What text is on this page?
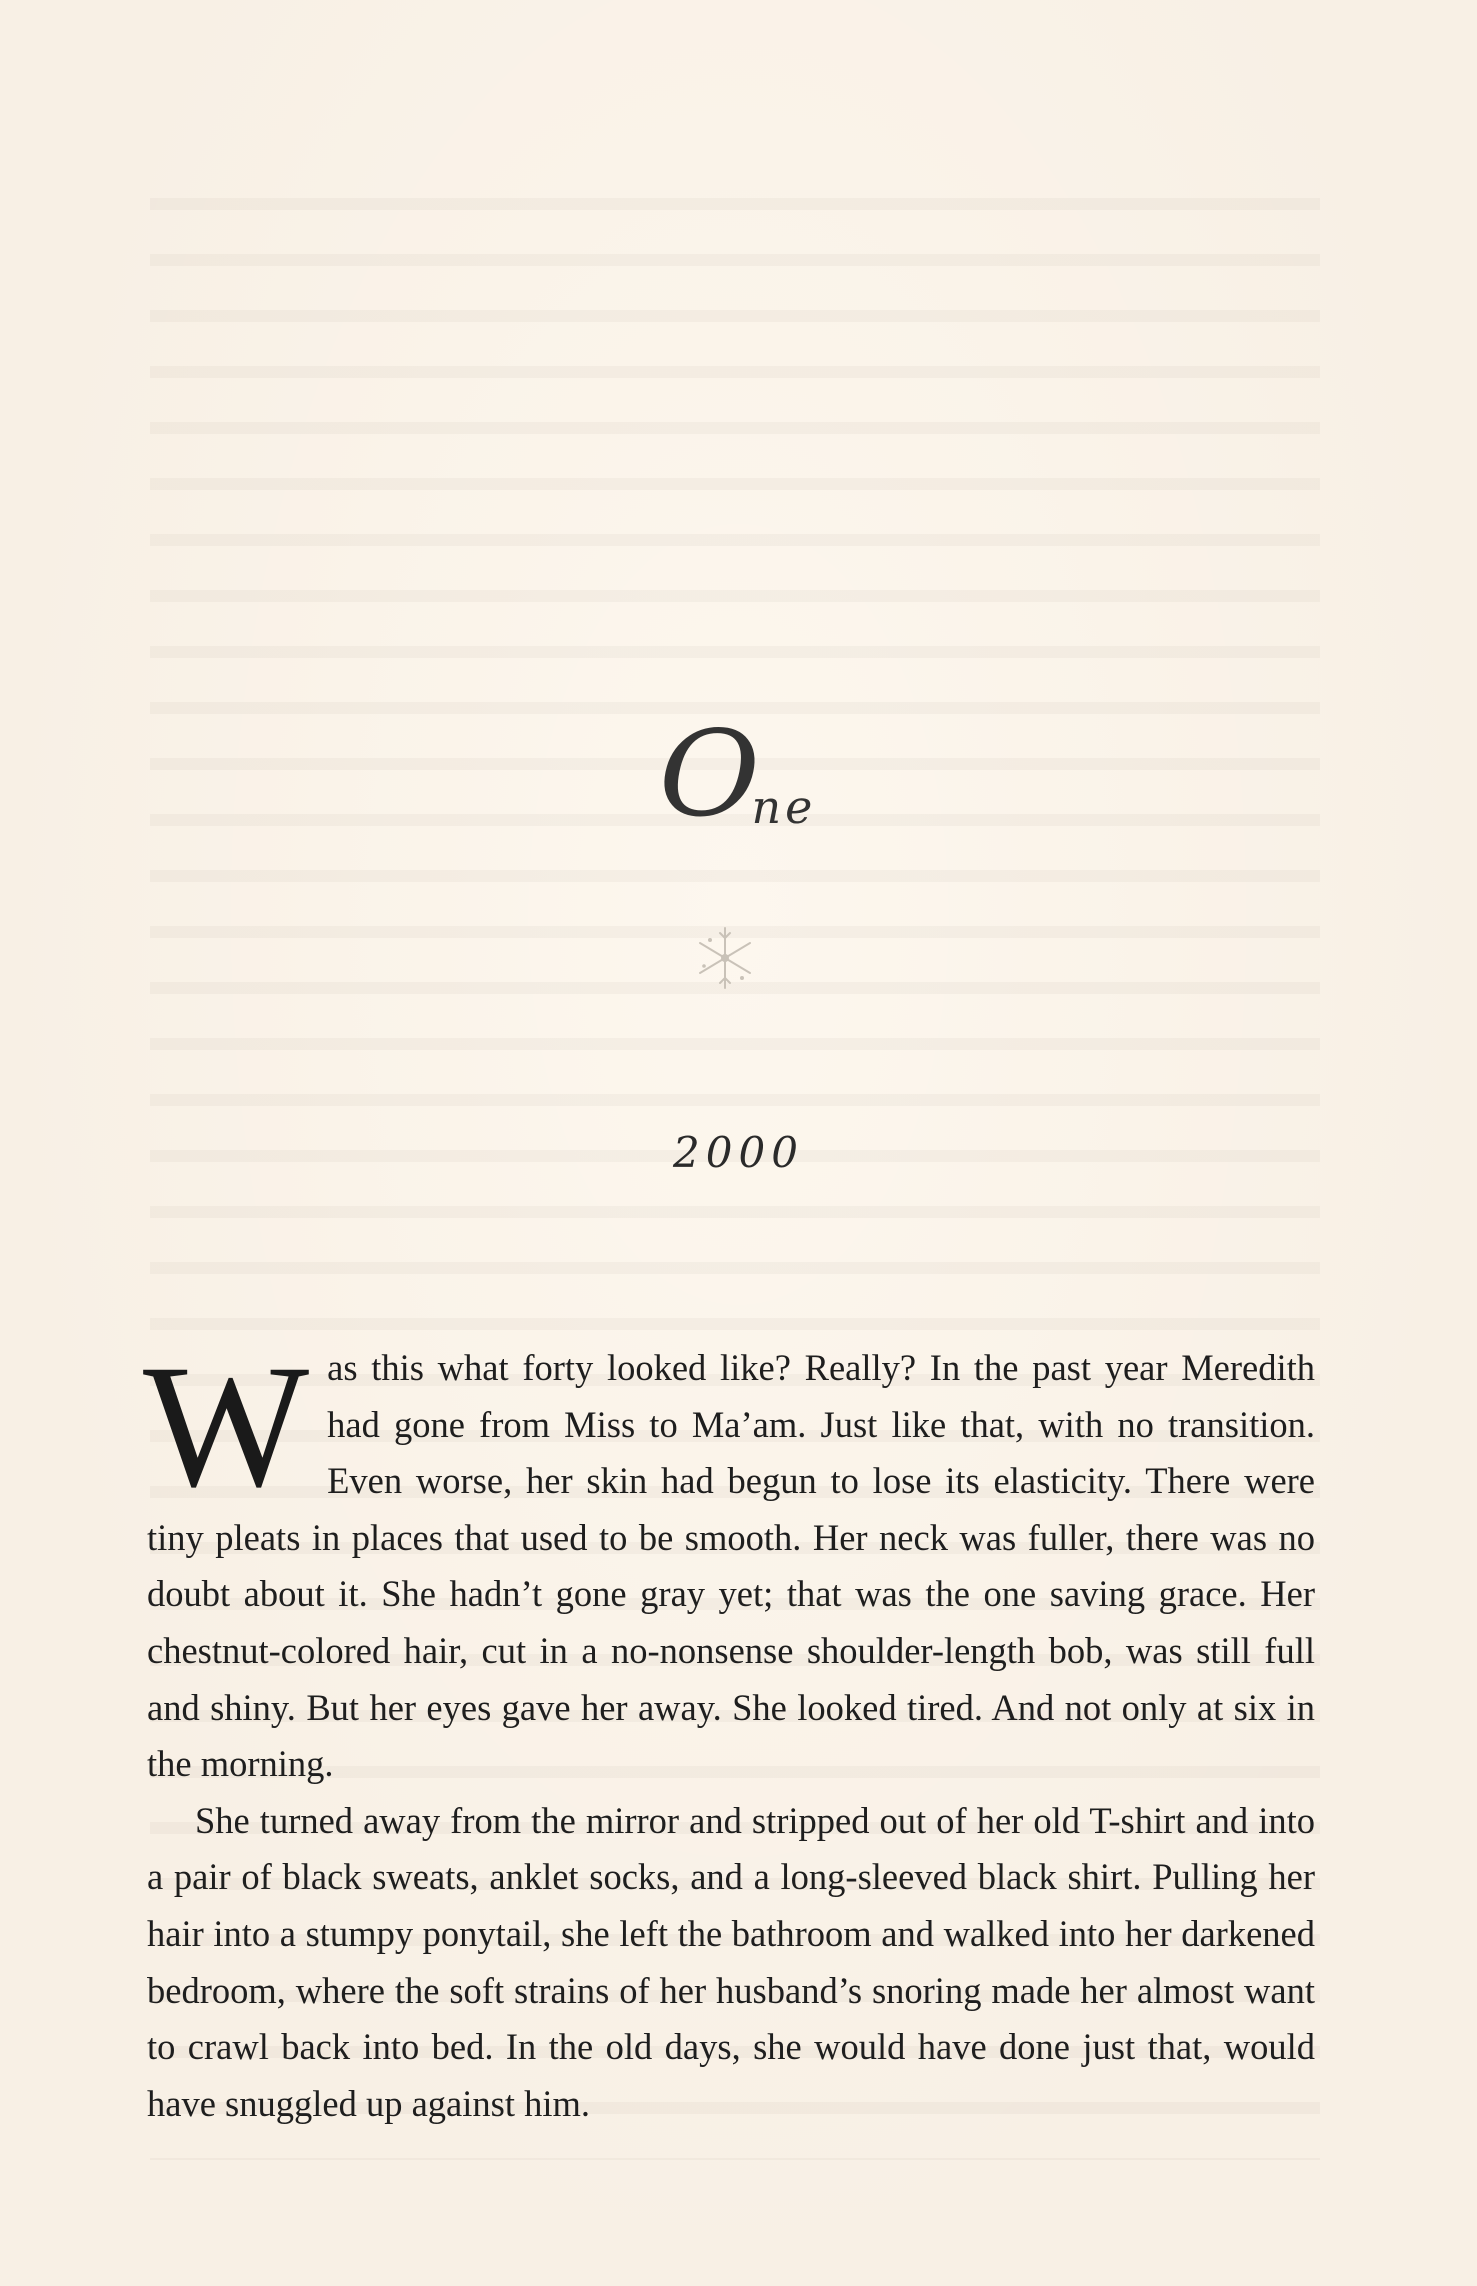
One
2000

Was this what forty looked like? Really? In the past year Meredith had gone from Miss to Ma’am. Just like that, with no transition. Even worse, her skin had begun to lose its elasticity. There were tiny pleats in places that used to be smooth. Her neck was fuller, there was no doubt about it. She hadn’t gone gray yet; that was the one saving grace. Her chestnut-colored hair, cut in a no-nonsense shoulder-length bob, was still full and shiny. But her eyes gave her away. She looked tired. And not only at six in the morning.

She turned away from the mirror and stripped out of her old T-shirt and into a pair of black sweats, anklet socks, and a long-sleeved black shirt. Pulling her hair into a stumpy ponytail, she left the bathroom and walked into her darkened bedroom, where the soft strains of her husband’s snoring made her almost want to crawl back into bed. In the old days, she would have done just that, would have snuggled up against him.
